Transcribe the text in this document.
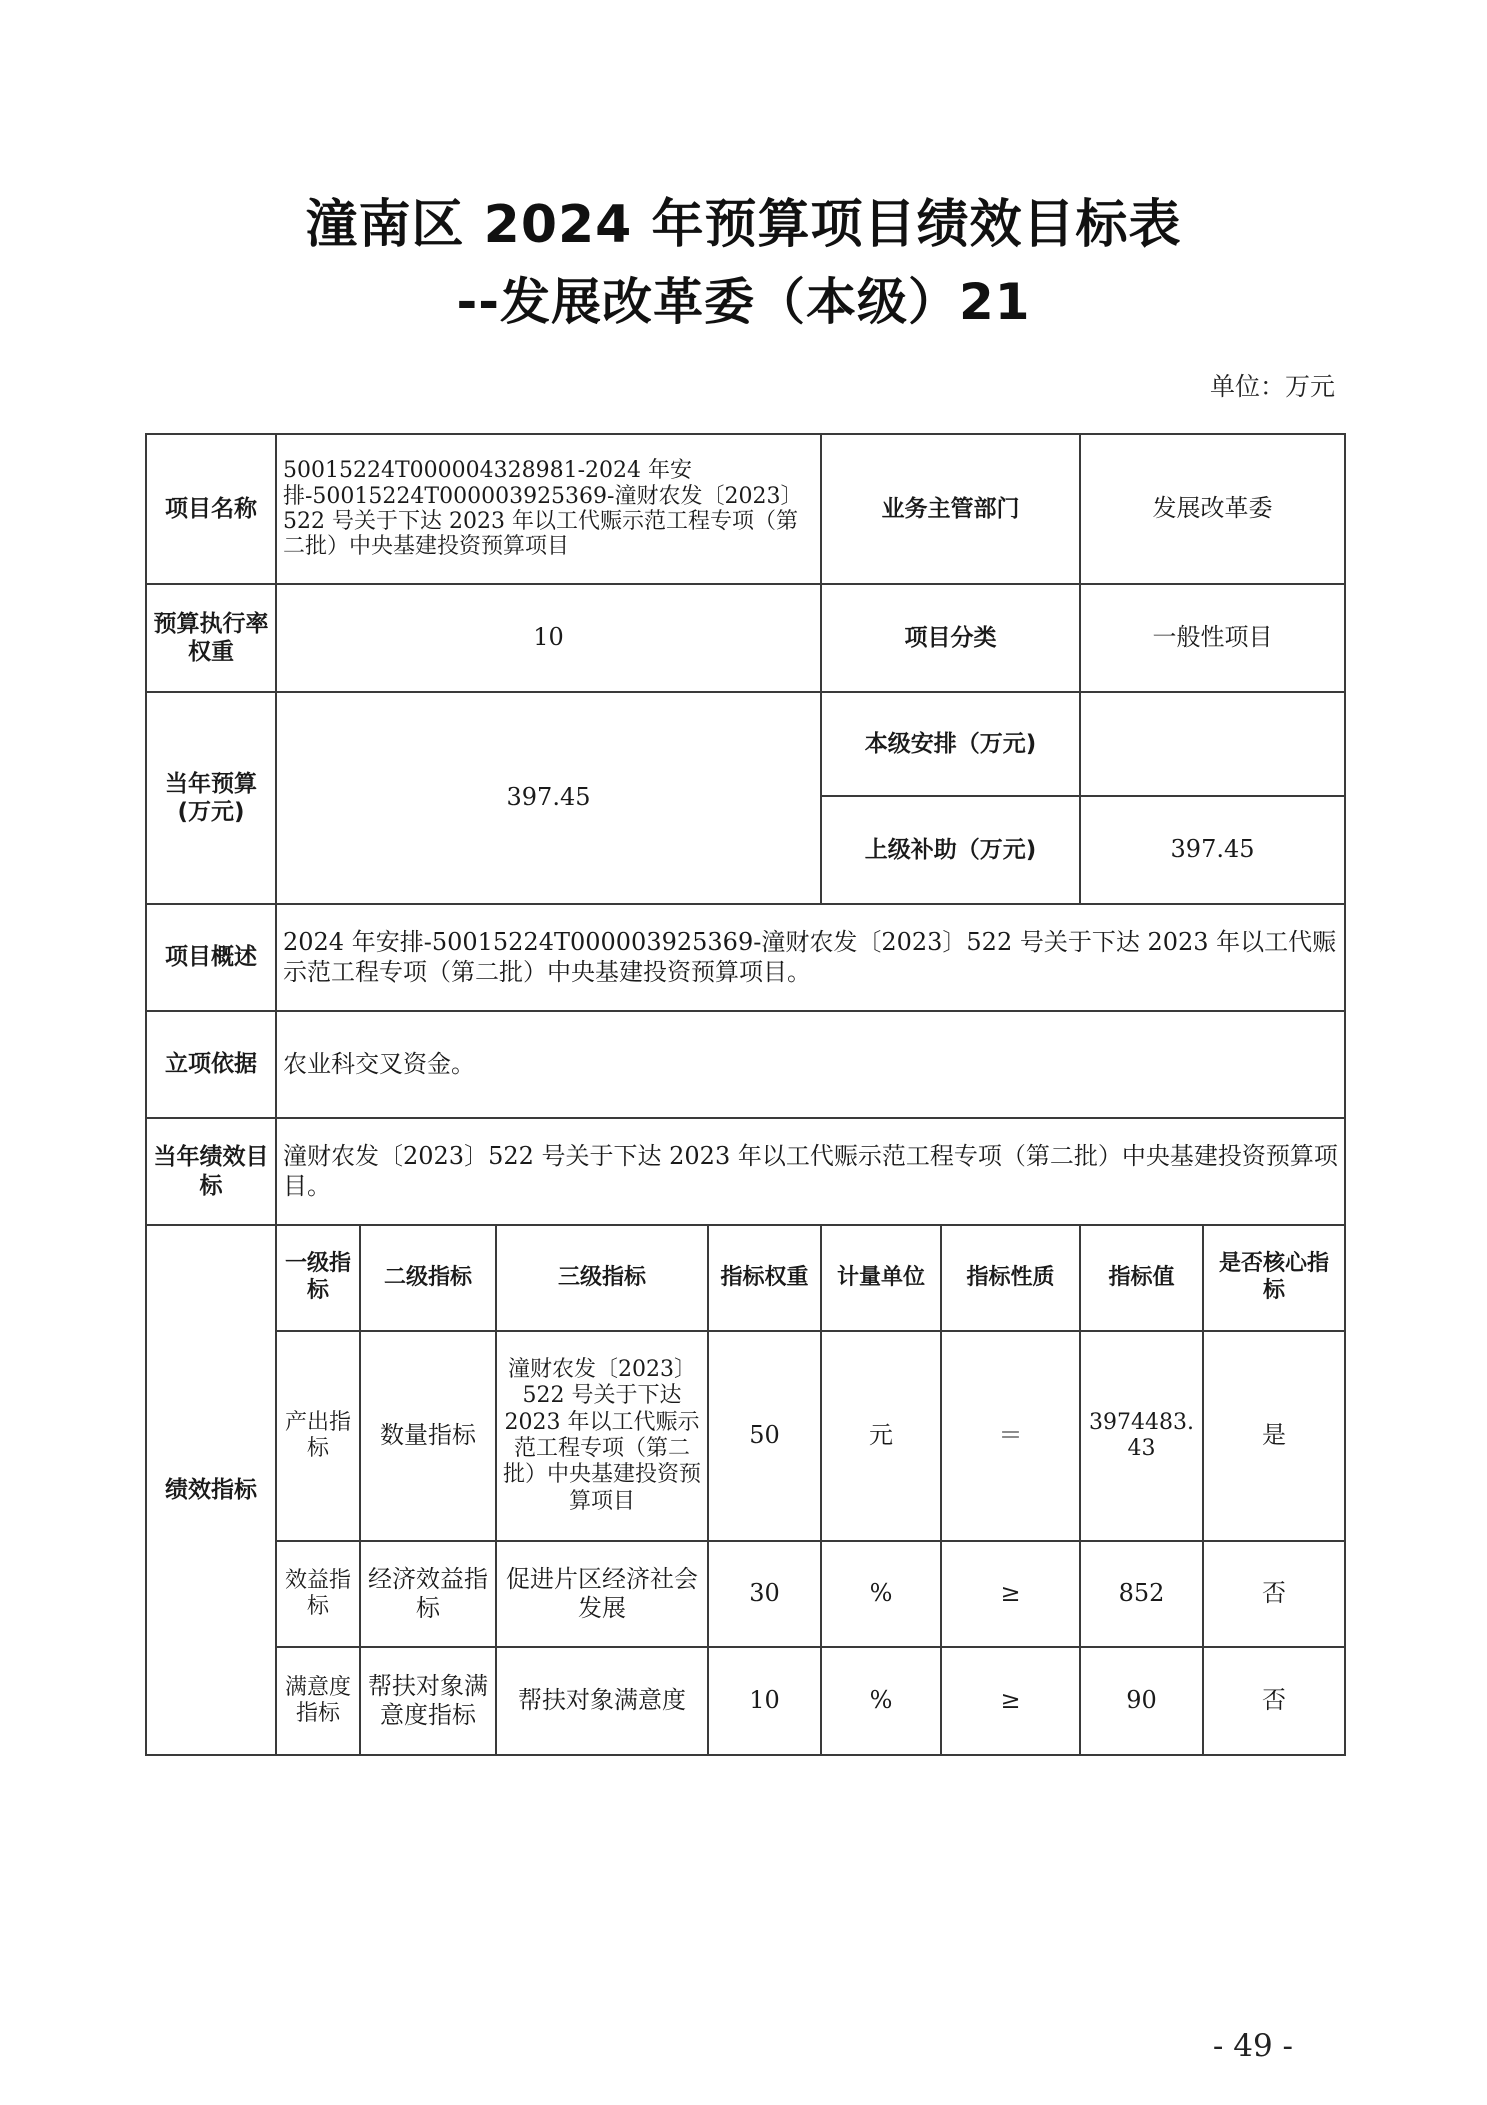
潼南区 2024 年预算项目绩效目标表
--发展改革委（本级）21
单位：万元
项目名称	50015224T000004328981-2024 年安排-50015224T000003925369-潼财农发〔2023〕522 号关于下达 2023 年以工代赈示范工程专项（第二批）中央基建投资预算项目				业务主管部门		发展改革委	
预算执行率权重	10				项目分类		一般性项目	
当年预算(万元)	397.45				本级安排（万元)			
					上级补助（万元)		397.45	
项目概述	2024 年安排-50015224T000003925369-潼财农发〔2023〕522 号关于下达 2023 年以工代赈示范工程专项（第二批）中央基建投资预算项目。							
立项依据	农业科交叉资金。							
当年绩效目标	潼财农发〔2023〕522 号关于下达 2023 年以工代赈示范工程专项（第二批）中央基建投资预算项目。							
绩效指标	一级指标	二级指标	三级指标	指标权重	计量单位	指标性质	指标值	是否核心指标
	产出指标	数量指标	潼财农发〔2023〕522 号关于下达 2023 年以工代赈示范工程专项（第二批）中央基建投资预算项目	50	元	＝	3974483.43	是
	效益指标	经济效益指标	促进片区经济社会发展	30	%	≥	852	否
	满意度指标	帮扶对象满意度指标	帮扶对象满意度	10	%	≥	90	否
- 49 -
